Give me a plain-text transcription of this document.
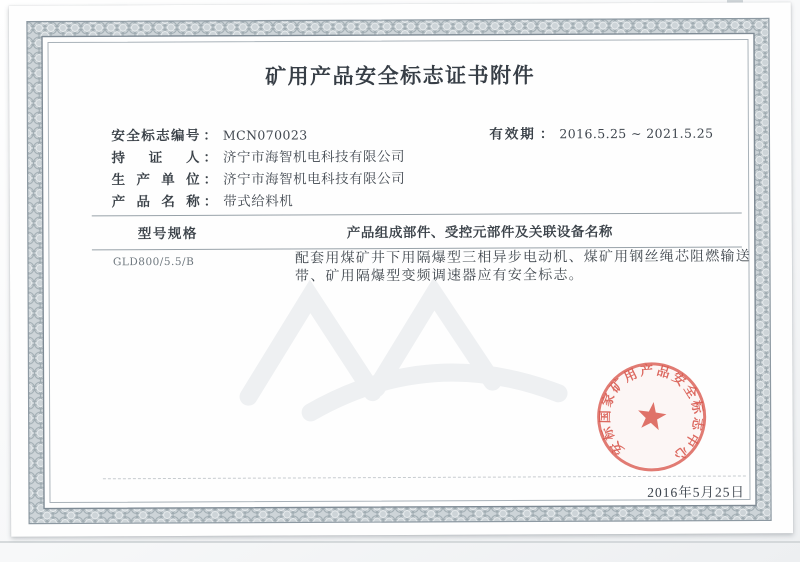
矿用产品安全标志证书附件
安全标志编号 ： MCN070023	有效期 ： 2016.5.25 ~ 2021.5.25
持证人 ： 济宁市海智机电科技有限公司
生产单位 ： 济宁市海智机电科技有限公司
产品名称 ： 带式给料机
型号规格	产品组成部件、受控元部件及关联设备名称
GLD800/5.5/B	配套用煤矿井下用隔爆型三相异步电动机、煤矿用钢丝绳芯阻燃输送带、矿用隔爆型变频调速器应有安全标志。
安标国家矿用产品安全标志中心
2016年5月25日
